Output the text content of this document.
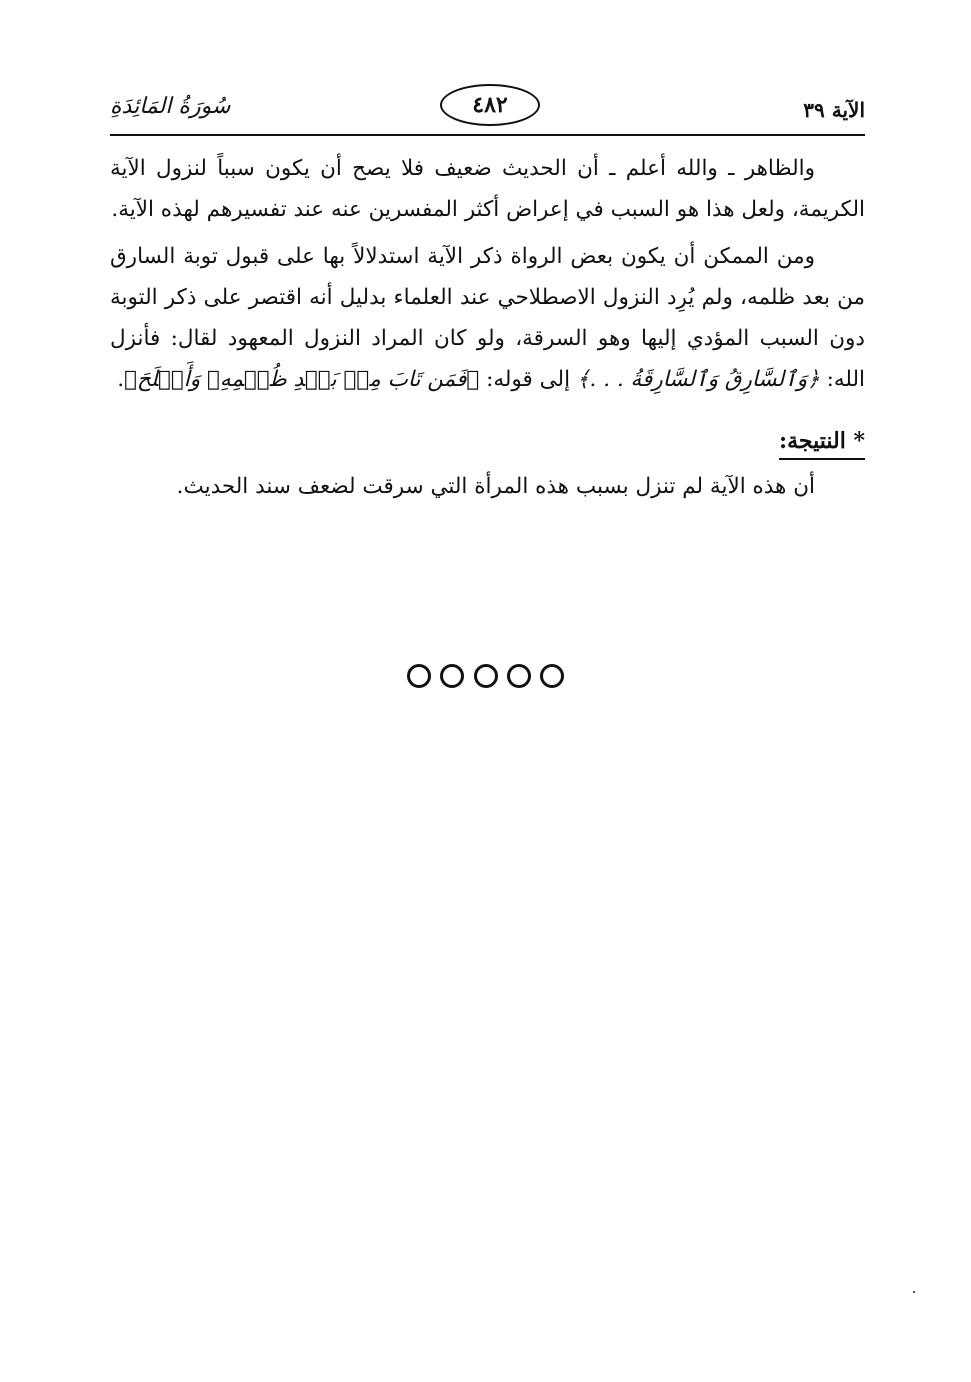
الآية ٣٩
٤٨٢
سُورَةُ المَائِدَةِ

والظاهر ـ والله أعلم ـ أن الحديث ضعيف فلا يصح أن يكون سبباً لنزول الآية الكريمة، ولعل هذا هو السبب في إعراض أكثر المفسرين عنه عند تفسيرهم لهذه الآية.

ومن الممكن أن يكون بعض الرواة ذكر الآية استدلالاً بها على قبول توبة السارق من بعد ظلمه، ولم يُرِد النزول الاصطلاحي عند العلماء بدليل أنه اقتصر على ذكر التوبة دون السبب المؤدي إليها وهو السرقة، ولو كان المراد النزول المعهود لقال: فأنزل الله: ﴿وَٱلسَّارِقُ وَٱلسَّارِقَةُ . . .﴾ إلى قوله: ﴿فَمَن تَابَ مِنۢ بَعۡدِ ظُلۡمِهِۦ وَأَصۡلَحَ﴾.

* النتيجة:

أن هذه الآية لم تنزل بسبب هذه المرأة التي سرقت لضعف سند الحديث.
